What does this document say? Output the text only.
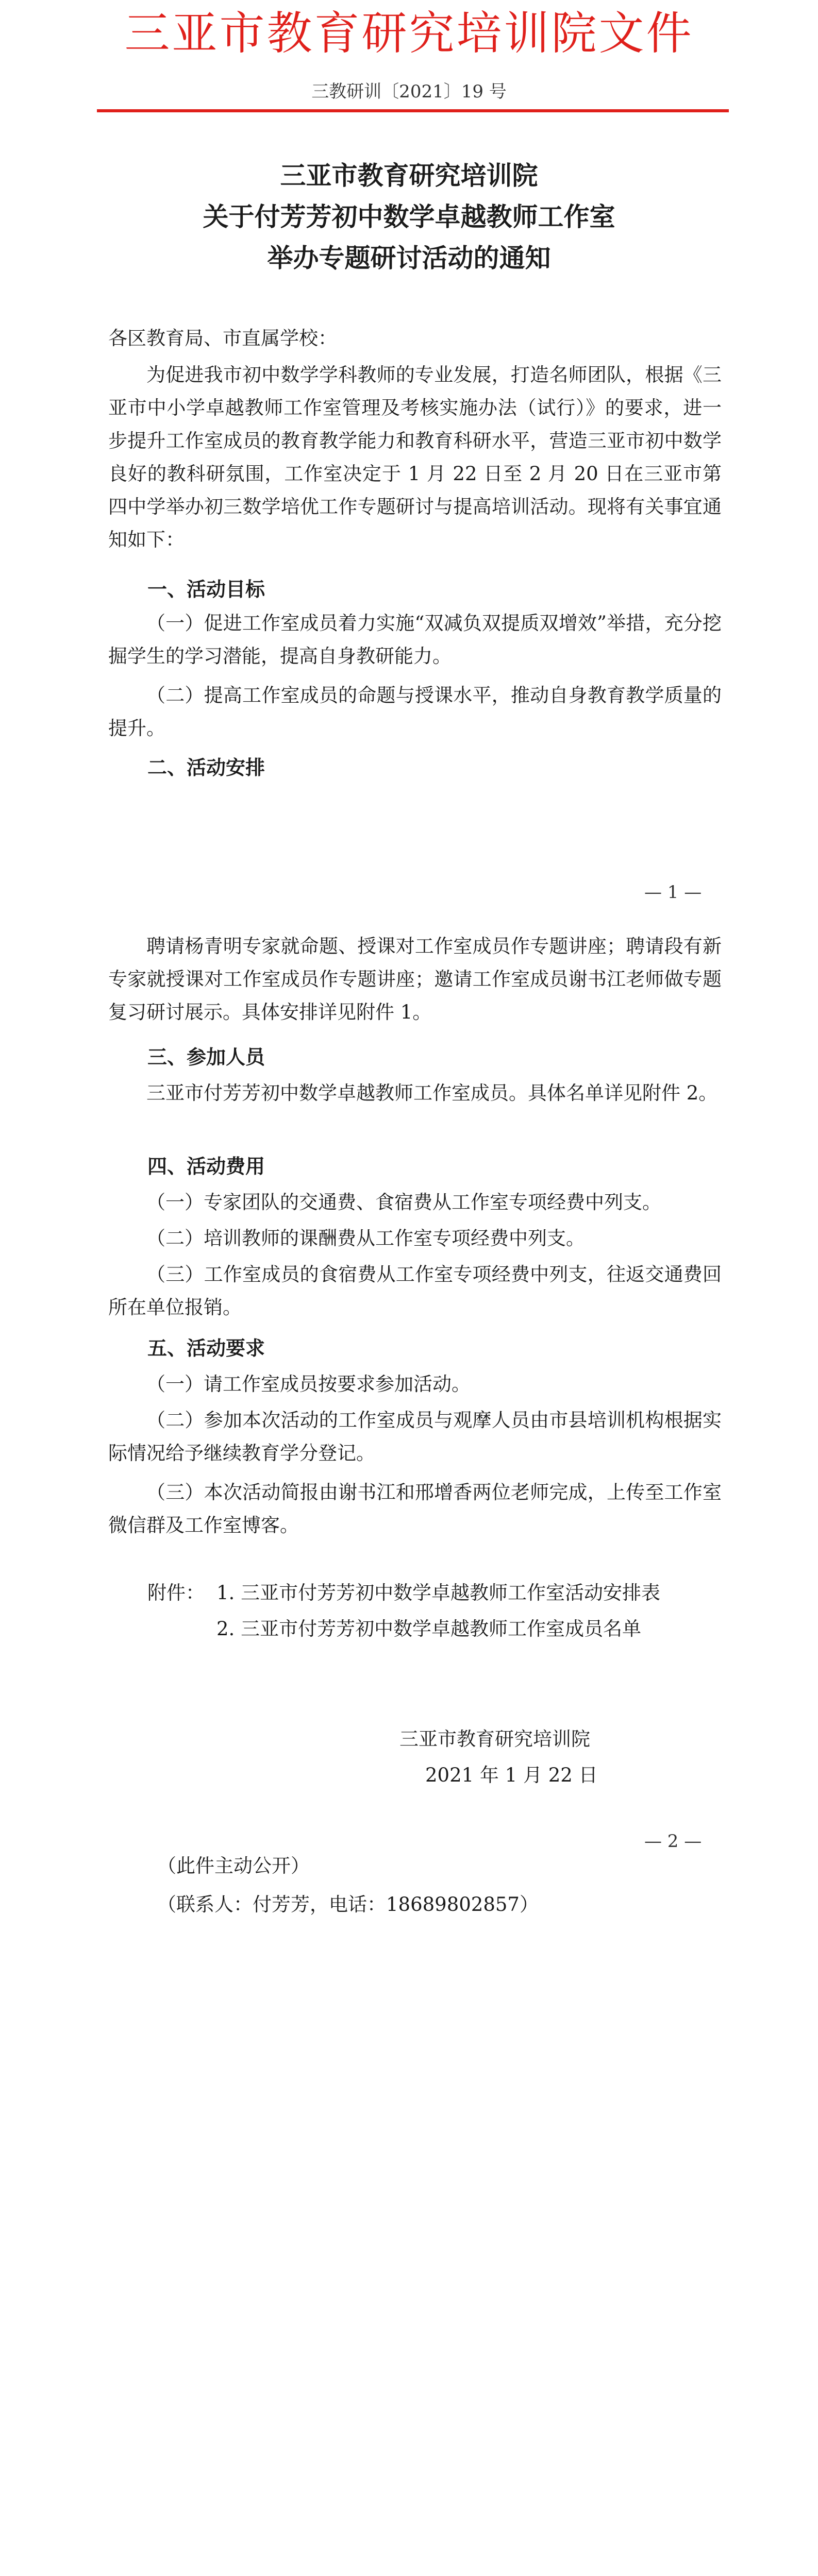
三亚市教育研究培训院文件
三教研训〔2021〕19 号
三亚市教育研究培训院
关于付芳芳初中数学卓越教师工作室
举办专题研讨活动的通知

各区教育局、市直属学校：

为促进我市初中数学学科教师的专业发展，打造名师团队，根据《三亚市中小学卓越教师工作室管理及考核实施办法（试行）》的要求，进一步提升工作室成员的教育教学能力和教育科研水平，营造三亚市初中数学良好的教科研氛围，工作室决定于 1 月 22 日至 2 月 20 日在三亚市第四中学举办初三数学培优工作专题研讨与提高培训活动。现将有关事宜通知如下：

一、活动目标

（一）促进工作室成员着力实施“双减负双提质双增效”举措，充分挖掘学生的学习潜能，提高自身教研能力。

（二）提高工作室成员的命题与授课水平，推动自身教育教学质量的提升。

二、活动安排
— 1 —

聘请杨青明专家就命题、授课对工作室成员作专题讲座；聘请段有新专家就授课对工作室成员作专题讲座；邀请工作室成员谢书江老师做专题复习研讨展示。具体安排详见附件 1。

三、参加人员

三亚市付芳芳初中数学卓越教师工作室成员。具体名单详见附件 2。

四、活动费用

（一）专家团队的交通费、食宿费从工作室专项经费中列支。

（二）培训教师的课酬费从工作室专项经费中列支。

（三）工作室成员的食宿费从工作室专项经费中列支，往返交通费回所在单位报销。

五、活动要求

（一）请工作室成员按要求参加活动。

（二）参加本次活动的工作室成员与观摩人员由市县培训机构根据实际情况给予继续教育学分登记。

（三）本次活动简报由谢书江和邢增香两位老师完成，上传至工作室微信群及工作室博客。

附件： 1. 三亚市付芳芳初中数学卓越教师工作室活动安排表
2. 三亚市付芳芳初中数学卓越教师工作室成员名单
三亚市教育研究培训院
2021 年 1 月 22 日
— 2 —
（此件主动公开）
（联系人：付芳芳，电话：18689802857）
